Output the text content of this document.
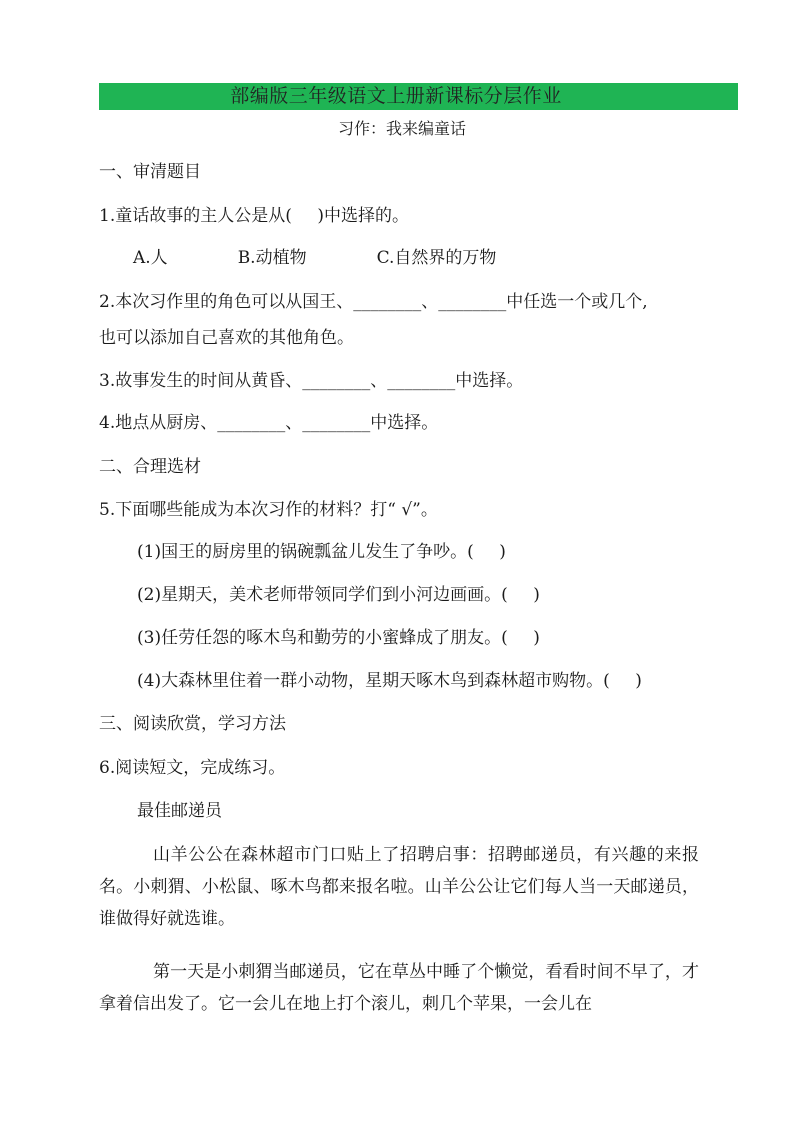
部编版三年级语文上册新课标分层作业
习作：我来编童话
一、审清题目
1.童话故事的主人公是从(  )中选择的。
A.人	B.动植物	C.自然界的万物
2.本次习作里的角色可以从国王、________、________中任选一个或几个,
也可以添加自己喜欢的其他角色。
3.故事发生的时间从黄昏、________、________中选择。
4.地点从厨房、________、________中选择。
二、合理选材
5.下面哪些能成为本次习作的材料？打“ √”。
(1)国王的厨房里的锅碗瓢盆儿发生了争吵。(  )
(2)星期天，美术老师带领同学们到小河边画画。(  )
(3)任劳任怨的啄木鸟和勤劳的小蜜蜂成了朋友。(  )
(4)大森林里住着一群小动物，星期天啄木鸟到森林超市购物。(  )
三、阅读欣赏，学习方法
6.阅读短文，完成练习。
最佳邮递员
山羊公公在森林超市门口贴上了招聘启事：招聘邮递员，有兴趣的来报名。小刺猬、小松鼠、啄木鸟都来报名啦。山羊公公让它们每人当一天邮递员，谁做得好就选谁。
第一天是小刺猬当邮递员，它在草丛中睡了个懒觉，看看时间不早了，才拿着信出发了。它一会儿在地上打个滚儿，刺几个苹果，一会儿在
